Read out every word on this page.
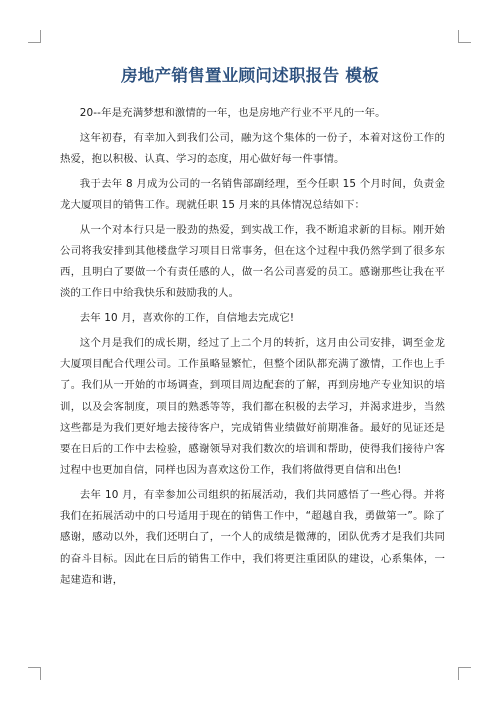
房地产销售置业顾问述职报告 模板

20--年是充满梦想和激情的一年，也是房地产行业不平凡的一年。

这年初春，有幸加入到我们公司，融为这个集体的一份子，本着对这份工作的热爱，抱以积极、认真、学习的态度，用心做好每一件事情。

我于去年 8 月成为公司的一名销售部副经理，至今任职 15 个月时间，负责金龙大厦项目的销售工作。现就任职 15 月来的具体情况总结如下：

从一个对本行只是一股劲的热爱，到实战工作，我不断追求新的目标。刚开始公司将我安排到其他楼盘学习项目日常事务，但在这个过程中我仍然学到了很多东西，且明白了要做一个有责任感的人，做一名公司喜爱的员工。感谢那些让我在平淡的工作日中给我快乐和鼓励我的人。

去年 10 月，喜欢你的工作，自信地去完成它!

这个月是我们的成长期，经过了上二个月的转折，这月由公司安排，调至金龙大厦项目配合代理公司。工作虽略显繁忙，但整个团队都充满了激情，工作也上手了。我们从一开始的市场调查，到项目周边配套的了解，再到房地产专业知识的培训，以及会客制度，项目的熟悉等等，我们都在积极的去学习，并渴求进步，当然这些都是为我们更好地去接待客户，完成销售业绩做好前期准备。最好的见证还是要在日后的工作中去检验，感谢领导对我们数次的培训和帮助，使得我们接待户客过程中也更加自信，同样也因为喜欢这份工作，我们将做得更自信和出色!

去年 10 月，有幸参加公司组织的拓展活动，我们共同感悟了一些心得。并将我们在拓展活动中的口号适用于现在的销售工作中，“超越自我，勇做第一”。除了感谢，感动以外，我们还明白了，一个人的成绩是微薄的，团队优秀才是我们共同的奋斗目标。因此在日后的销售工作中，我们将更注重团队的建设，心系集体，一起建造和谐，
